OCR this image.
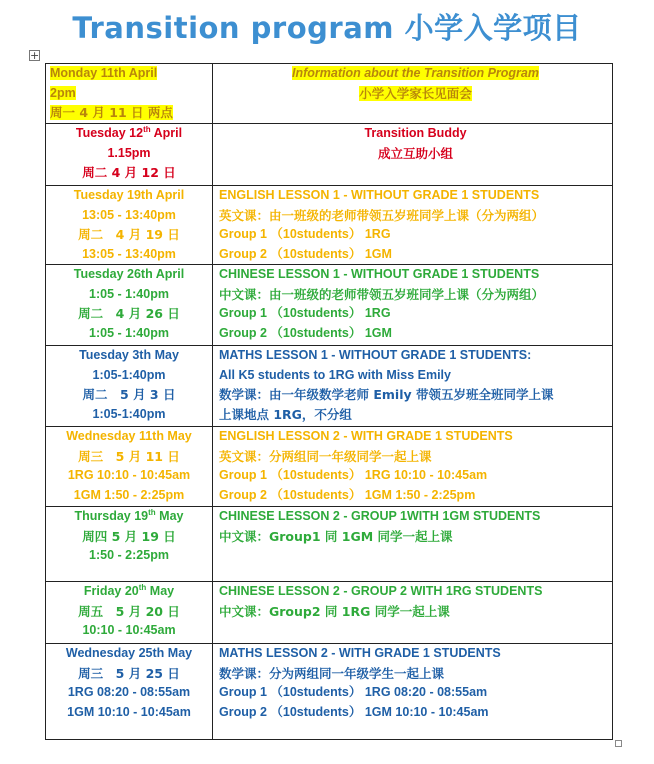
Transition program 小学入学项目
+
Monday 11th April
2pm
周一 4 月 11 日 两点	Information about the Transition Program
小学入学家长见面会

Tuesday 12th April
1.15pm
周二 4 月 12 日	Transition Buddy
成立互助小组

Tuesday 19th April
13:05 - 13:40pm
周二　4 月 19 日
13:05 - 13:40pm	ENGLISH LESSON 1 - WITHOUT GRADE 1 STUDENTS
英文课：由一班级的老师带领五岁班同学上课（分为两组）
Group 1 （10students） 1RG
Group 2 （10students） 1GM

Tuesday 26th April
1:05 - 1:40pm
周二　4 月 26 日
1:05 - 1:40pm	CHINESE LESSON 1 - WITHOUT GRADE 1 STUDENTS
中文课：由一班级的老师带领五岁班同学上课（分为两组）
Group 1 （10students） 1RG
Group 2 （10students） 1GM

Tuesday 3th May
1:05-1:40pm
周二　5 月 3 日
1:05-1:40pm	MATHS LESSON 1 - WITHOUT GRADE 1 STUDENTS:
All K5 students to 1RG with Miss Emily
数学课：由一年级数学老师 Emily 带领五岁班全班同学上课
上课地点 1RG，不分组

Wednesday 11th May
周三　5 月 11 日
1RG 10:10 - 10:45am
1GM 1:50 - 2:25pm	ENGLISH LESSON 2 - WITH GRADE 1 STUDENTS
英文课：分两组同一年级同学一起上课
Group 1 （10students） 1RG 10:10 - 10:45am
Group 2 （10students） 1GM 1:50 - 2:25pm

Thursday 19th May
周四 5 月 19 日
1:50 - 2:25pm	CHINESE LESSON 2 - GROUP 1WITH 1GM STUDENTS
中文课：Group1 同 1GM 同学一起上课

Friday 20th May
周五　5 月 20 日
10:10 - 10:45am	CHINESE LESSON 2 - GROUP 2 WITH 1RG STUDENTS
中文课：Group2 同 1RG 同学一起上课

Wednesday 25th May
周三　5 月 25 日
1RG 08:20 - 08:55am
1GM 10:10 - 10:45am	MATHS LESSON 2 - WITH GRADE 1 STUDENTS
数学课：分为两组同一年级学生一起上课
Group 1 （10students） 1RG 08:20 - 08:55am
Group 2 （10students） 1GM 10:10 - 10:45am
